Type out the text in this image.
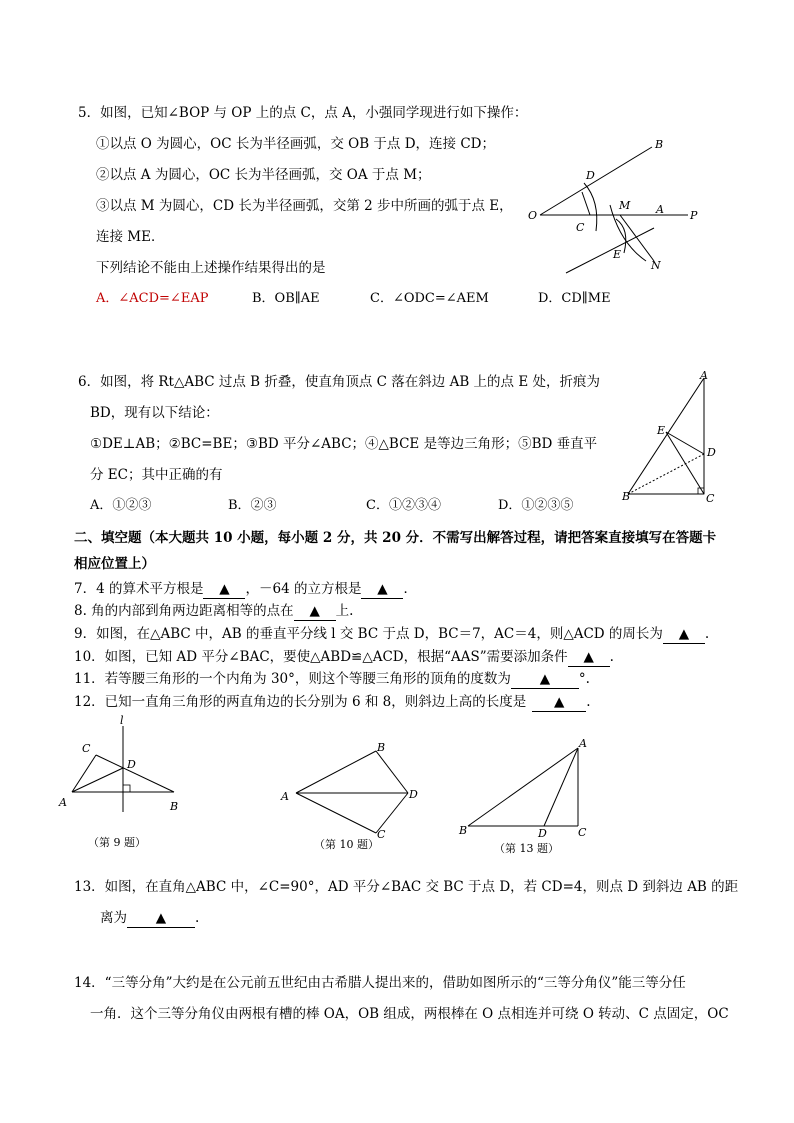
5．如图，已知∠BOP 与 OP 上的点 C，点 A，小强同学现进行如下操作：
①以点 O 为圆心，OC 长为半径画弧，交 OB 于点 D，连接 CD；
②以点 A 为圆心，OC 长为半径画弧，交 OA 于点 M；
③以点 M 为圆心，CD 长为半径画弧，交第 2 步中所画的弧于点 E，
连接 ME．
下列结论不能由上述操作结果得出的是
A．∠ACD=∠EAP	B．OB∥AE	C．∠ODC=∠AEM	D．CD∥ME
B
D
M A
O
C
P
E
N
6．如图，将 Rt△ABC 过点 B 折叠，使直角顶点 C 落在斜边 AB 上的点 E 处，折痕为
BD，现有以下结论：
①DE⊥AB；②BC=BE；③BD 平分∠ABC；④△BCE 是等边三角形；⑤BD 垂直平
分 EC；其中正确的有
A．①②③	B．②③	C．①②③④	D．①②③⑤
A
E
D
B	C
二、填空题（本大题共 10 小题，每小题 2 分，共 20 分．不需写出解答过程，请把答案直接填写在答题卡
相应位置上）
7．4 的算术平方根是 ▲ ，－64 的立方根是 ▲ ．
8. 角的内部到角两边距离相等的点在 ▲ 上.
9．如图，在△ABC 中，AB 的垂直平分线 l 交 BC 于点 D，BC＝7，AC＝4，则△ACD 的周长为 ▲ .
10．如图，已知 AD 平分∠BAC，要使△ABD≌△ACD，根据“AAS”需要添加条件 ▲ .
11．若等腰三角形的一个内角为 30°，则这个等腰三角形的顶角的度数为 ▲ °.
12．已知一直角三角形的两直角边的长分别为 6 和 8，则斜边上高的长度是 ▲ .
l
C
D
A	B
（第 9 题）
A
B
D
C
（第 10 题）
A
B	D	C
（第 13 题）
13．如图，在直角△ABC 中，∠C=90°，AD 平分∠BAC 交 BC 于点 D，若 CD=4，则点 D 到斜边 AB 的距
离为 ▲ .
14．“三等分角”大约是在公元前五世纪由古希腊人提出来的，借助如图所示的“三等分角仪”能三等分任
一角．这个三等分角仪由两根有槽的棒 OA，OB 组成，两根棒在 O 点相连并可绕 O 转动、C 点固定，OC
